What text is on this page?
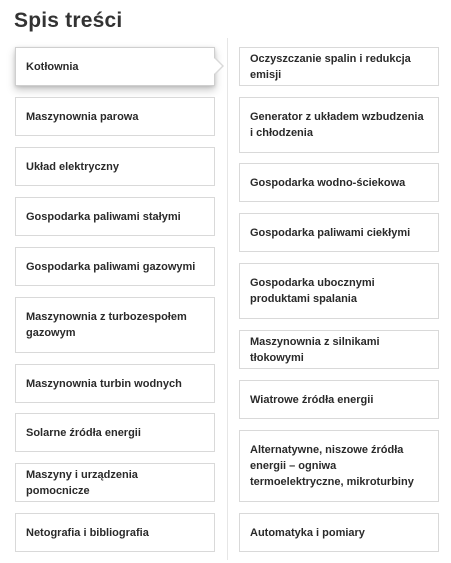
Spis treści
Kotłownia
Maszynownia parowa
Układ elektryczny
Gospodarka paliwami stałymi
Gospodarka paliwami gazowymi
Maszynownia z turbozespołem gazowym
Maszynownia turbin wodnych
Solarne źródła energii
Maszyny i urządzenia pomocnicze
Netografia i bibliografia
Oczyszczanie spalin i redukcja emisji
Generator z układem wzbudzenia i chłodzenia
Gospodarka wodno-ściekowa
Gospodarka paliwami ciekłymi
Gospodarka ubocznymi produktami spalania
Maszynownia z silnikami tłokowymi
Wiatrowe źródła energii
Alternatywne, niszowe źródła energii – ogniwa termoelektryczne, mikroturbiny
Automatyka i pomiary
